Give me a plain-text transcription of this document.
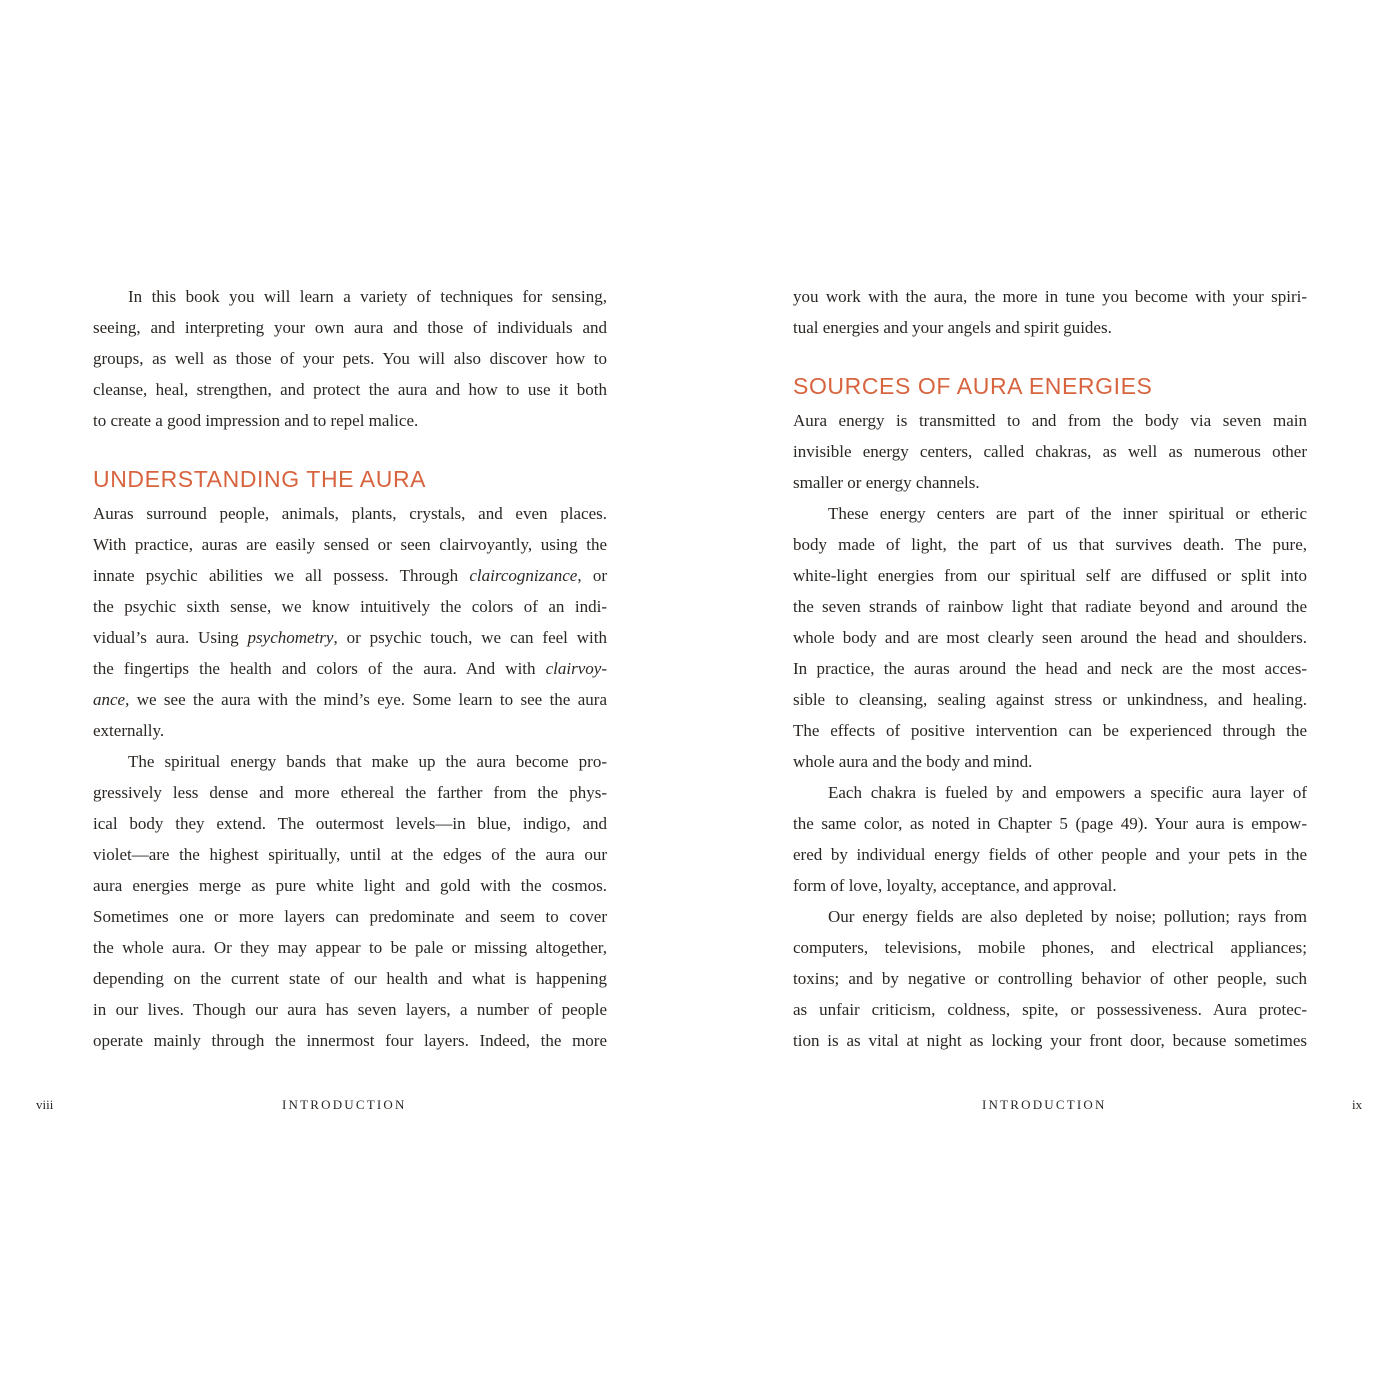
In this book you will learn a variety of techniques for sensing,
seeing, and interpreting your own aura and those of individuals and
groups, as well as those of your pets. You will also discover how to
cleanse, heal, strengthen, and protect the aura and how to use it both
to create a good impression and to repel malice.

UNDERSTANDING THE AURA

Auras surround people, animals, plants, crystals, and even places.
With practice, auras are easily sensed or seen clairvoyantly, using the
innate psychic abilities we all possess. Through claircognizance, or
the psychic sixth sense, we know intuitively the colors of an indi-
vidual’s aura. Using psychometry, or psychic touch, we can feel with
the fingertips the health and colors of the aura. And with clairvoy-
ance, we see the aura with the mind’s eye. Some learn to see the aura
externally.

The spiritual energy bands that make up the aura become pro-
gressively less dense and more ethereal the farther from the phys-
ical body they extend. The outermost levels—in blue, indigo, and
violet—are the highest spiritually, until at the edges of the aura our
aura energies merge as pure white light and gold with the cosmos.
Sometimes one or more layers can predominate and seem to cover
the whole aura. Or they may appear to be pale or missing altogether,
depending on the current state of our health and what is happening
in our lives. Though our aura has seven layers, a number of people
operate mainly through the innermost four layers. Indeed, the more

viii	INTRODUCTION

you work with the aura, the more in tune you become with your spiri-
tual energies and your angels and spirit guides.

SOURCES OF AURA ENERGIES

Aura energy is transmitted to and from the body via seven main
invisible energy centers, called chakras, as well as numerous other
smaller or energy channels.

These energy centers are part of the inner spiritual or etheric
body made of light, the part of us that survives death. The pure,
white-light energies from our spiritual self are diffused or split into
the seven strands of rainbow light that radiate beyond and around the
whole body and are most clearly seen around the head and shoulders.
In practice, the auras around the head and neck are the most acces-
sible to cleansing, sealing against stress or unkindness, and healing.
The effects of positive intervention can be experienced through the
whole aura and the body and mind.

Each chakra is fueled by and empowers a specific aura layer of
the same color, as noted in Chapter 5 (page 49). Your aura is empow-
ered by individual energy fields of other people and your pets in the
form of love, loyalty, acceptance, and approval.

Our energy fields are also depleted by noise; pollution; rays from
computers, televisions, mobile phones, and electrical appliances;
toxins; and by negative or controlling behavior of other people, such
as unfair criticism, coldness, spite, or possessiveness. Aura protec-
tion is as vital at night as locking your front door, because sometimes

INTRODUCTION	ix
